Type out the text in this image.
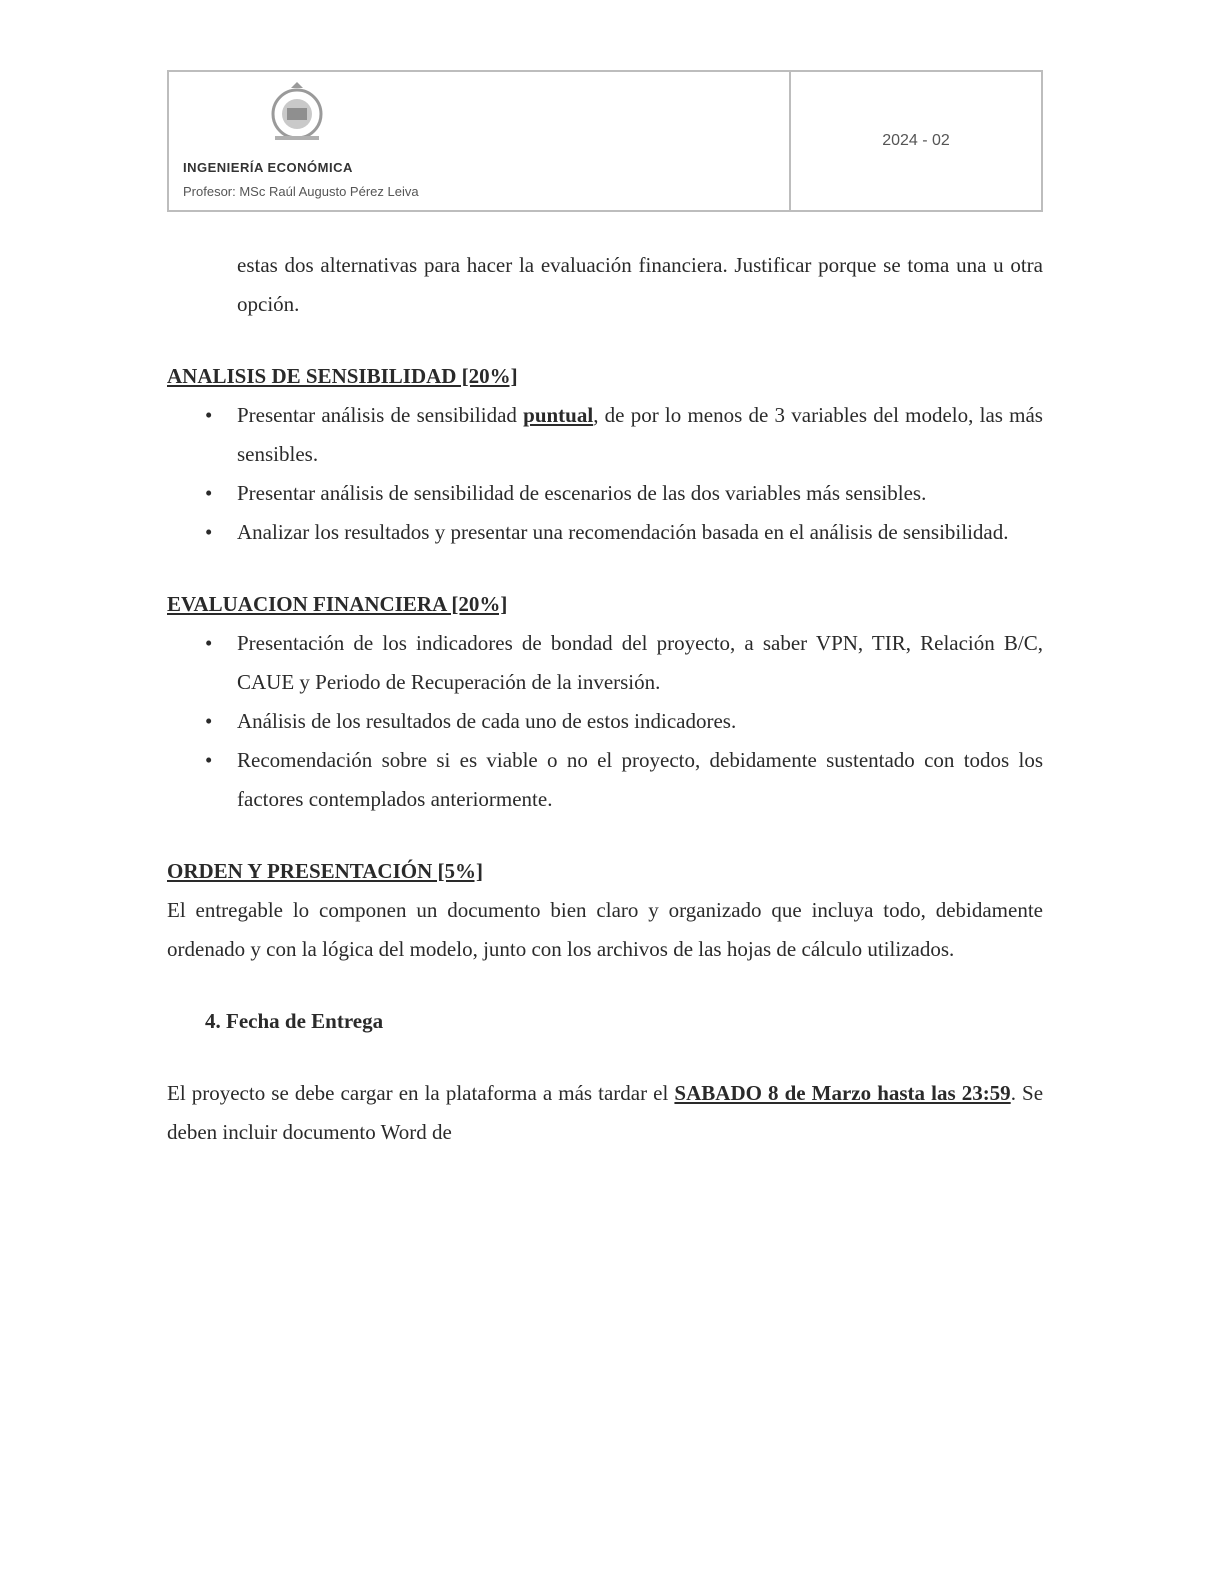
INGENIERÍA ECONÓMICA
Profesor: MSc Raúl Augusto Pérez Leiva
2024 - 02

estas dos alternativas para hacer la evaluación financiera. Justificar porque se toma una u otra opción.

ANALISIS DE SENSIBILIDAD [20%]

• Presentar análisis de sensibilidad puntual, de por lo menos de 3 variables del modelo, las más sensibles.
• Presentar análisis de sensibilidad de escenarios de las dos variables más sensibles.
• Analizar los resultados y presentar una recomendación basada en el análisis de sensibilidad.

EVALUACION FINANCIERA [20%]

• Presentación de los indicadores de bondad del proyecto, a saber VPN, TIR, Relación B/C, CAUE y Periodo de Recuperación de la inversión.
• Análisis de los resultados de cada uno de estos indicadores.
• Recomendación sobre si es viable o no el proyecto, debidamente sustentado con todos los factores contemplados anteriormente.

ORDEN Y PRESENTACIÓN [5%]

El entregable lo componen un documento bien claro y organizado que incluya todo, debidamente ordenado y con la lógica del modelo, junto con los archivos de las hojas de cálculo utilizados.

4. Fecha de Entrega

El proyecto se debe cargar en la plataforma a más tardar el SABADO 8 de Marzo hasta las 23:59. Se deben incluir documento Word de
